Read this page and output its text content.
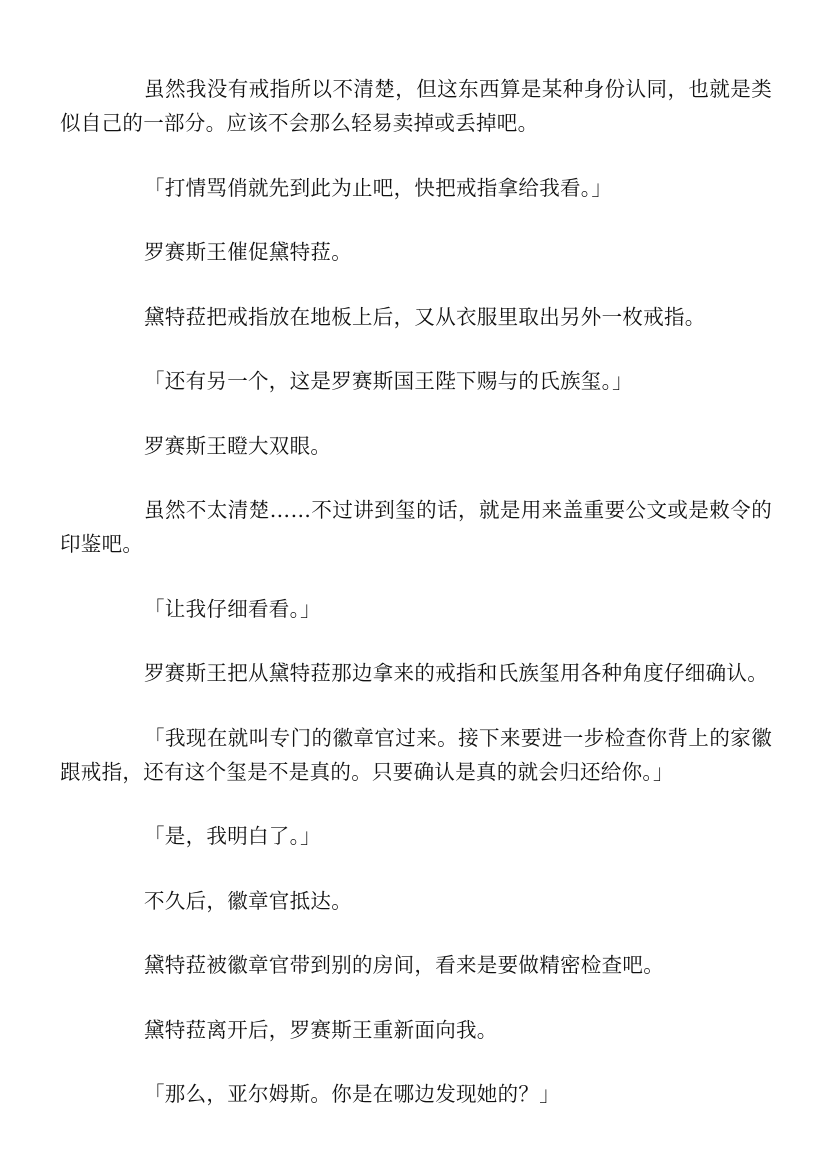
虽然我没有戒指所以不清楚，但这东西算是某种身份认同，也就是类似自己的一部分。应该不会那么轻易卖掉或丢掉吧。

「打情骂俏就先到此为止吧，快把戒指拿给我看。」

罗赛斯王催促黛特菈。

黛特菈把戒指放在地板上后，又从衣服里取出另外一枚戒指。

「还有另一个，这是罗赛斯国王陛下赐与的氏族玺。」

罗赛斯王瞪大双眼。

虽然不太清楚……不过讲到玺的话，就是用来盖重要公文或是敕令的印鉴吧。

「让我仔细看看。」

罗赛斯王把从黛特菈那边拿来的戒指和氏族玺用各种角度仔细确认。

「我现在就叫专门的徽章官过来。接下来要进一步检查你背上的家徽跟戒指，还有这个玺是不是真的。只要确认是真的就会归还给你。」

「是，我明白了。」

不久后，徽章官抵达。

黛特菈被徽章官带到别的房间，看来是要做精密检查吧。

黛特菈离开后，罗赛斯王重新面向我。

「那么，亚尔姆斯。你是在哪边发现她的？」
